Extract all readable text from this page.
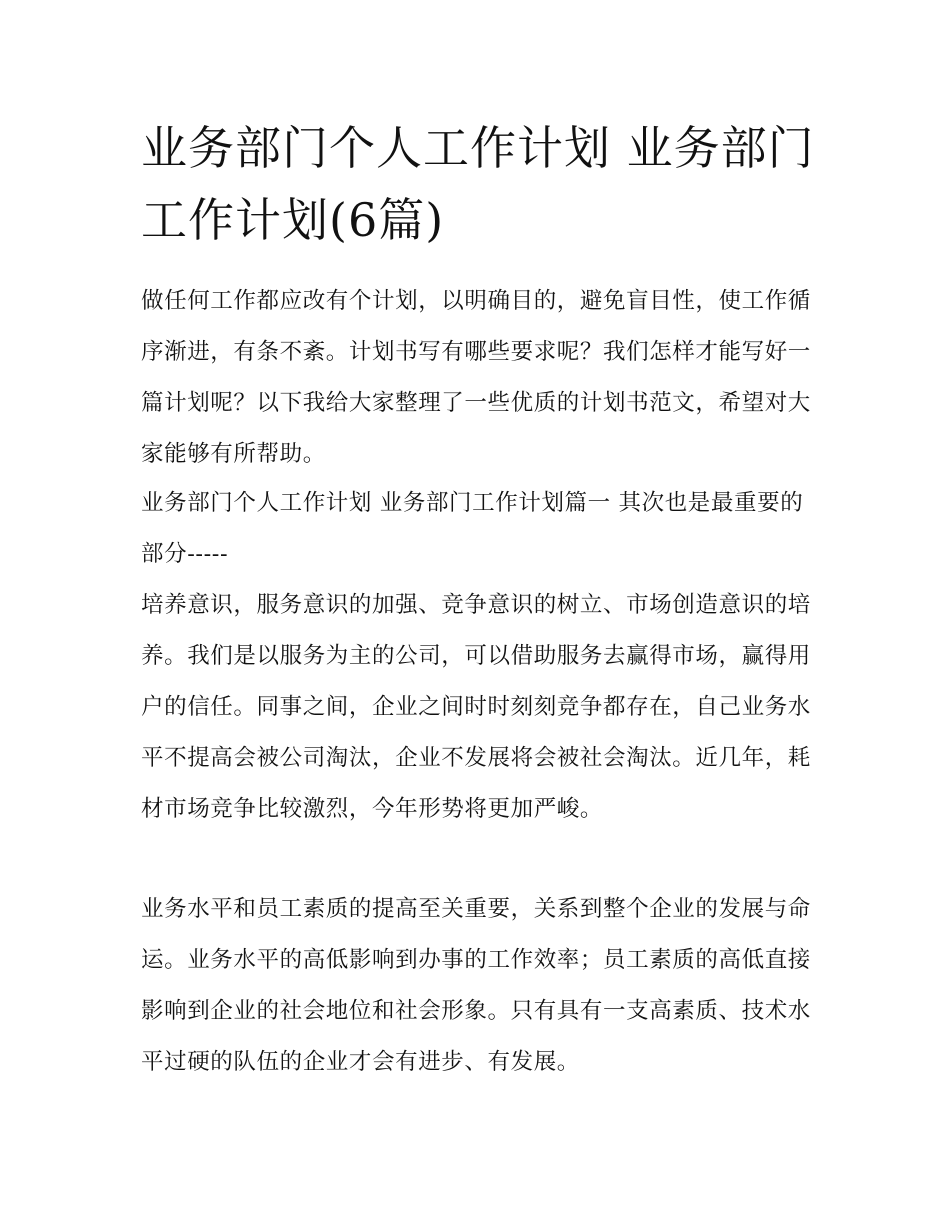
业务部门个人工作计划 业务部门工作计划(6篇)

做任何工作都应改有个计划，以明确目的，避免盲目性，使工作循序渐进，有条不紊。计划书写有哪些要求呢？我们怎样才能写好一篇计划呢？以下我给大家整理了一些优质的计划书范文，希望对大家能够有所帮助。

业务部门个人工作计划 业务部门工作计划篇一 其次也是最重要的部分-----

培养意识，服务意识的加强、竞争意识的树立、市场创造意识的培养。我们是以服务为主的公司，可以借助服务去赢得市场，赢得用户的信任。同事之间，企业之间时时刻刻竞争都存在，自己业务水平不提高会被公司淘汰，企业不发展将会被社会淘汰。近几年，耗材市场竞争比较激烈，今年形势将更加严峻。

业务水平和员工素质的提高至关重要，关系到整个企业的发展与命运。业务水平的高低影响到办事的工作效率；员工素质的高低直接影响到企业的社会地位和社会形象。只有具有一支高素质、技术水平过硬的队伍的企业才会有进步、有发展。
